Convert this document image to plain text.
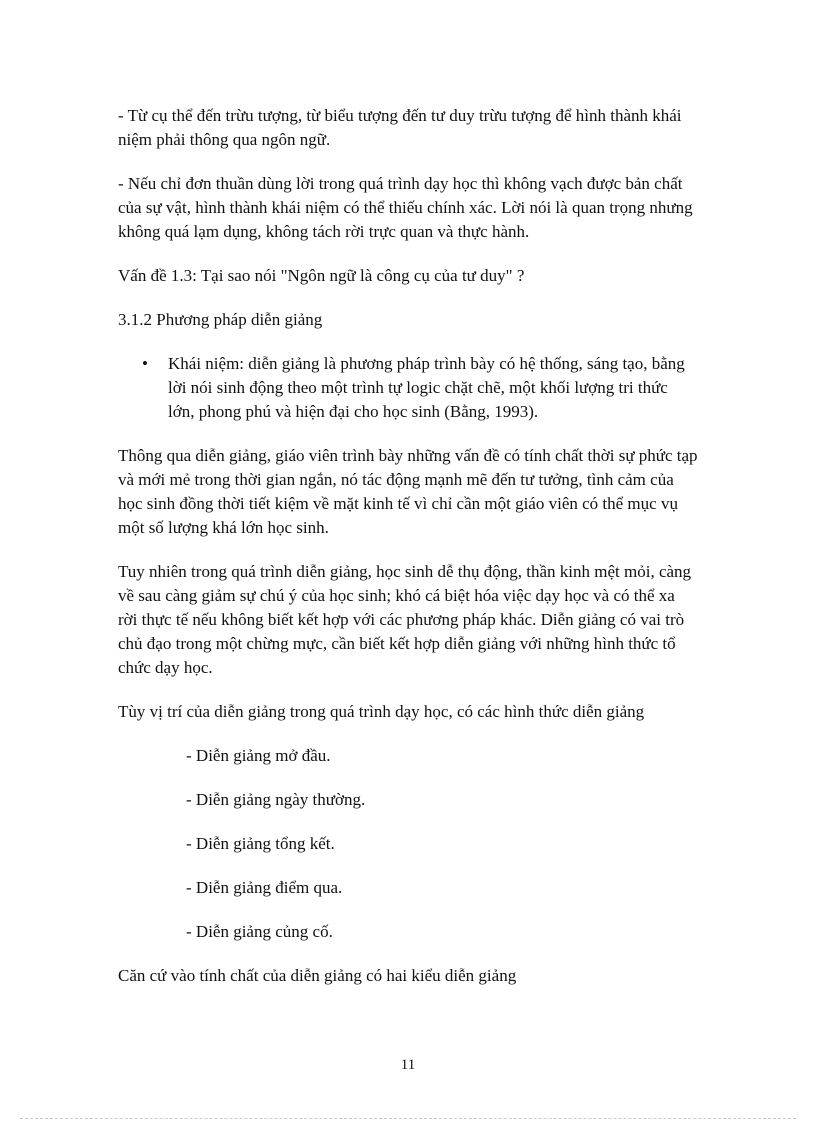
- Từ cụ thể đến trừu tượng, từ biểu tượng đến tư duy trừu tượng để hình thành khái niệm phải thông qua ngôn ngữ.

- Nếu chỉ đơn thuần dùng lời trong quá trình dạy học thì không vạch được bản chất của sự vật, hình thành khái niệm có thể thiếu chính xác. Lời nói là quan trọng nhưng không quá lạm dụng, không tách rời trực quan và thực hành.

Vấn đề 1.3: Tại sao nói "Ngôn ngữ là công cụ của tư duy" ?

3.1.2 Phương pháp diễn giảng

• Khái niệm: diễn giảng là phương pháp trình bày có hệ thống, sáng tạo, bằng lời nói sinh động theo một trình tự logic chặt chẽ, một khối lượng tri thức lớn, phong phú và hiện đại cho học sinh (Bằng, 1993).

Thông qua diễn giảng, giáo viên trình bày những vấn đề có tính chất thời sự phức tạp và mới mẻ trong thời gian ngắn, nó tác động mạnh mẽ đến tư tưởng, tình cảm của học sinh đồng thời tiết kiệm về mặt kinh tế vì chỉ cần một giáo viên có thể mục vụ một số lượng khá lớn học sinh.

Tuy nhiên trong quá trình diễn giảng, học sinh dễ thụ động, thần kinh mệt mỏi, càng về sau càng giảm sự chú ý của học sinh; khó cá biệt hóa việc dạy học và có thể xa rời thực tế nếu không biết kết hợp với các phương pháp khác. Diễn giảng có vai trò chủ đạo trong một chừng mực, cần biết kết hợp diễn giảng với những hình thức tổ chức dạy học.

Tùy vị trí của diễn giảng trong quá trình dạy học, có các hình thức diễn giảng

- Diễn giảng mở đầu.
- Diễn giảng ngày thường.
- Diễn giảng tổng kết.
- Diễn giảng điểm qua.
- Diễn giảng củng cố.

Căn cứ vào tính chất của diễn giảng có hai kiểu diễn giảng

11
